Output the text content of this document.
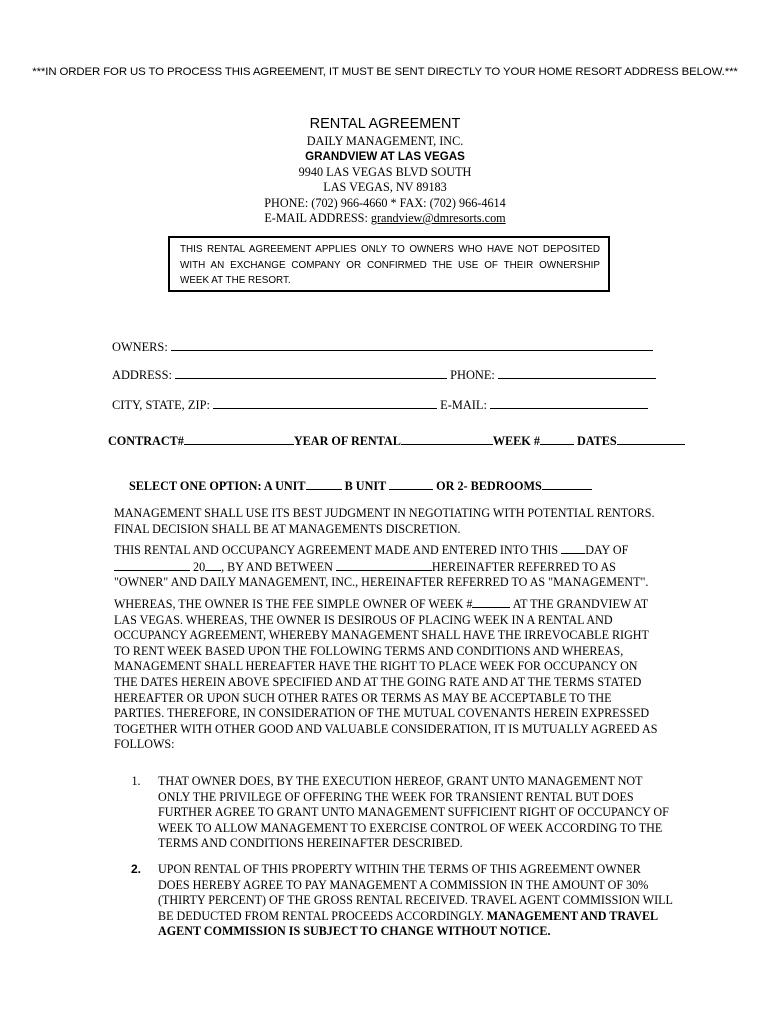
***IN ORDER FOR US TO PROCESS THIS AGREEMENT, IT MUST BE SENT DIRECTLY TO YOUR HOME RESORT ADDRESS BELOW.***
RENTAL AGREEMENT
DAILY MANAGEMENT, INC.
GRANDVIEW AT LAS VEGAS
9940 LAS VEGAS BLVD SOUTH
LAS VEGAS, NV 89183
PHONE: (702) 966-4660 * FAX: (702) 966-4614
E-MAIL ADDRESS: grandview@dmresorts.com
THIS RENTAL AGREEMENT APPLIES ONLY TO OWNERS WHO HAVE NOT DEPOSITED WITH AN EXCHANGE COMPANY OR CONFIRMED THE USE OF THEIR OWNERSHIP WEEK AT THE RESORT.
OWNERS:
ADDRESS:	PHONE:
CITY, STATE, ZIP:	E-MAIL:
CONTRACT#	YEAR OF RENTAL	WEEK #	DATES
SELECT ONE OPTION: A UNIT	B UNIT	OR 2- BEDROOMS

MANAGEMENT SHALL USE ITS BEST JUDGMENT IN NEGOTIATING WITH POTENTIAL RENTORS. FINAL DECISION SHALL BE AT MANAGEMENTS DISCRETION.

THIS RENTAL AND OCCUPANCY AGREEMENT MADE AND ENTERED INTO THIS DAY OF  20 , BY AND BETWEEN	HEREINAFTER REFERRED TO AS "OWNER" AND DAILY MANAGEMENT, INC., HEREINAFTER REFERRED TO AS "MANAGEMENT".

WHEREAS, THE OWNER IS THE FEE SIMPLE OWNER OF WEEK #	AT THE GRANDVIEW AT LAS VEGAS. WHEREAS, THE OWNER IS DESIROUS OF PLACING WEEK IN A RENTAL AND OCCUPANCY AGREEMENT, WHEREBY MANAGEMENT SHALL HAVE THE IRREVOCABLE RIGHT TO RENT WEEK BASED UPON THE FOLLOWING TERMS AND CONDITIONS AND WHEREAS, MANAGEMENT SHALL HEREAFTER HAVE THE RIGHT TO PLACE WEEK FOR OCCUPANCY ON THE DATES HEREIN ABOVE SPECIFIED AND AT THE GOING RATE AND AT THE TERMS STATED HEREAFTER OR UPON SUCH OTHER RATES OR TERMS AS MAY BE ACCEPTABLE TO THE PARTIES. THEREFORE, IN CONSIDERATION OF THE MUTUAL COVENANTS HEREIN EXPRESSED TOGETHER WITH OTHER GOOD AND VALUABLE CONSIDERATION, IT IS MUTUALLY AGREED AS FOLLOWS:

1.	THAT OWNER DOES, BY THE EXECUTION HEREOF, GRANT UNTO MANAGEMENT NOT ONLY THE PRIVILEGE OF OFFERING THE WEEK FOR TRANSIENT RENTAL BUT DOES FURTHER AGREE TO GRANT UNTO MANAGEMENT SUFFICIENT RIGHT OF OCCUPANCY OF WEEK TO ALLOW MANAGEMENT TO EXERCISE CONTROL OF WEEK ACCORDING TO THE TERMS AND CONDITIONS HEREINAFTER DESCRIBED.
2.	UPON RENTAL OF THIS PROPERTY WITHIN THE TERMS OF THIS AGREEMENT OWNER DOES HEREBY AGREE TO PAY MANAGEMENT A COMMISSION IN THE AMOUNT OF 30% (THIRTY PERCENT) OF THE GROSS RENTAL RECEIVED. TRAVEL AGENT COMMISSION WILL BE DEDUCTED FROM RENTAL PROCEEDS ACCORDINGLY. MANAGEMENT AND TRAVEL AGENT COMMISSION IS SUBJECT TO CHANGE WITHOUT NOTICE.
